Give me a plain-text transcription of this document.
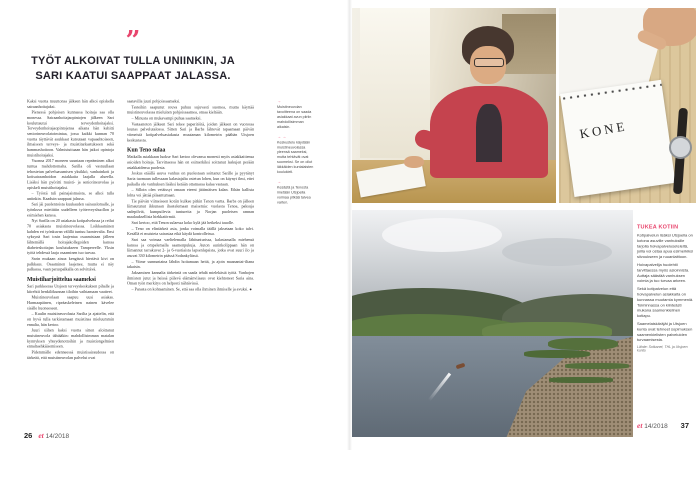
”
TYÖT ALKOIVAT TULLA UNIINKIN, JA SARI KAATUI SAAPPAAT JALASSA.

Kaksi vuotta muuttonsa jälkeen hän alkoi opiskella sairaanhoitajaksi.

Pienessä pohjoisen kunnassa hoitaja saa olla monessa. Sairaanhoitajaopintojen jälkeen Sari kouluttautui terveydenhoitajaksi. Terveydenhoitajaopintojensa aikana hän kehitti seniorineuvolatoimintaa, jossa kaikki kunnan 70 vuotta täyttävät asukkaat kutsutaan vapaaehtoiseen, ilmaiseen terveys- ja muistitarkastukseen sekä hammashoitoon. Valmistuttuaan hän jatkoi opintoja muistihoitajaksi.

Vuonna 2017 moneen suuntaan repeäminen alkoi tuntua mahdottomalta. Sarilla oli vastuullaan tehostetun palveluasumisen yksikkö, vanhainkoti ja kotisairaanhoidon asiakkaita laajalla alueella. Lisäksi hän pyöritti muisti- ja seniorineuvolaa ja opiskeli muistihoitajaksi.

– Työstä tuli painajaismaista, se alkoi tulla uniinkin. Kaaduin saappaat jalassa.

Sari jäi puolentoista kuukauden sairauslomalle, ja työnkuva mietittiin uudelleen työterveyshuollon ja esimiehen kanssa.

Nyt Sarilla on 20 asiakasta kotipalvelussa ja reilut 70 asiakasta muistineuvolassa. Loikkaaminen kahden eri työnkuvan välillä tuntuu luontevalta. Ensi syksynä Sari tosin laajentaa osaamistaan jälleen lähtemällä hoitajakollegoiden kanssa diabeteshoitajan koulutukseen Tampereelle. Yksin työtä tehdessä laaja osaaminen tuo turvaa.

Sarin mukaan ainoa kengässä hiertävä kivi on palkkaus. Osaaminen laajenee, mutta ei näy palkassa, vaan peruspalkalla on selvittävä.

Muistiharjoittelua saameksi

Sari parkkeeraa Utsjoen terveyskeskuksen pihalle ja kiirehtii henkilökunnan tiloihin vaihtamaan vaatteet.

Muistineuvolaan saapuu uusi asiakas. Harmaapäinen, ripeäaskeleinen nainen kävelee sisälle huoneeseen.

– Kuulin muistineuvolasta Sarilta ja ajattelin, että on hyvä tulla tarkistamaan muistinsa mieluummin ennalta, hän kertoo.

Juuri siihen kaksi vuotta sitten aloittanut muistineuvola tähtääkin: mahdollisimman matalan kynnyksen yhteydenottoihin ja muistiongelmien ennaltaehkäisemiseen.

Pidemmälle edenneessä muistisairaudessa on tärkeää, että muistineuvolan palvelut ovat

saatavilla juuri pohjoissaameksi.

Testeihin saapunut rouva puhuu sujuvasti suomea, mutta käyttää muistineuvolassa mieluiten pohjoissaamea, omaa kieltään.

– Minusta on mukavampi puhua saameksi.

Vastaanoton jälkeen Sari tekee paperitöitä, joiden jälkeen on vuorossa lounas palvelutalossa. Sitten Sari ja Barbs lähtevät tapaamaan päivän viimeistä kotipalveluasiakasta muutaman kilometrin päähän Utsjoen keskustasta.

Kun Teno sulaa

Matkalla asiakkaan luokse Sari kertoo olevansa monesti myös asiakkaittensa asioiden hoitaja. Tarvittaessa hän on esimerkiksi soittanut laskujen perään asiakkaidensa puolesta.

Joskus etäällä asuva vanhus on puolestaan soittanut Sarille ja pyytänyt Saria tuomaan tullessaan kalastajalta ostetun lohen, kun on käynyt ilmi, ettei paikalla ole vanhuksen lisäksi ketään ottamassa kalaa vastaan.

– Silloin olen vetäissyt omaan eteeni jättimäisen kalan. Eihän kallista lohta voi jättää pilaantumaan.

Tie päivän viimeiseen kotiin kulkee pitkin Tenon vartta. Barbs on jälleen liimautunut ikkunaan ihastelemaan maisemia: vuolasta Tenoa, paksuja sadepilviä, kumpuilevia tuntureita ja Norjan puoleisen rannan maalauksellisia hiekkatörmiä.

Sari kertoo, että Tenon sulaessa koko kylä jää hetkeksi tauolle.

– Teno on elintärkeä asia, jonka voimalla täällä jaksetaan koko talvi. Kesällä ei muisteta sairastaa eikä käydä kontrolleissa.

Sari saa voimaa vaeltelemalla lähitunturissa, kalastamalla miehensä kanssa ja ompelemalla saamenpukuja. Auton aurinkolippaan hän on liimannut tarrakuvat 2- ja 6-vuotiaista lapsenlapsista, jotka ovat suuri ilo ja asuvat 330 kilometrin päässä Sodankylässä.

– Viime sunnuntaina lähdin hoitamaan heitä, ja ajoin maanantai-iltana takaisin.

Jaksamisen kannalta tärkeintä on saada tehdä mielekästä työtä. Vanhojen ihmisten jutut ja heissä piilevä elämänviisaus ovat kiehtoneet Saria aina. Oman työn merkitys on helposti nähtävissä.

– Parasta on kohtaaminen. Se, että saa olla ihminen ihmiselle ja avuksi. ●

→
Muistineuvolan tavoitteena on saada asiakkaat avun piiriin mahdollisimman aikaisin.
→ →
Keskustelu käydään muistineuvolassa yleensä saameksi, mutta tehtävät ovat suomeksi. Se on ollut iäkkäiden kuntalaisten koulukieli.
→
Kesästä ja Tenosta imetään Utsjoella voimaa pitkää talvea varten.
26 et 14/2018
KONE
TUKEA KOTIIN

Kotipalvelun lisäksi Utsjoella on kotona asuville vanhuksille tarjolla hoivapalveluseteleitä, joilla voi ostaa apua esimerkiksi siivoukseen ja ruuanlaittoon.

Hoivapalvelija huolehtii tarvittaessa myös asioinnista. Auttaja säästää vanhuksen voimia ja tuo turvaa arkeen.

Sekä kotipalvelun että hoivapalvelun asiakkaita on kunnassa muutamia kymmeniä. Toiminnassa on kiinteästi mukana saamenkielinen kotiapu.

Saamelaiskäräjät ja Utsjoen kunta ovat tehneet sopimuksen saamenkielisten palveluiden turvaamisesta.

Lähde: Sotkanet, THL ja Utsjoen kunta

et 14/2018 37
